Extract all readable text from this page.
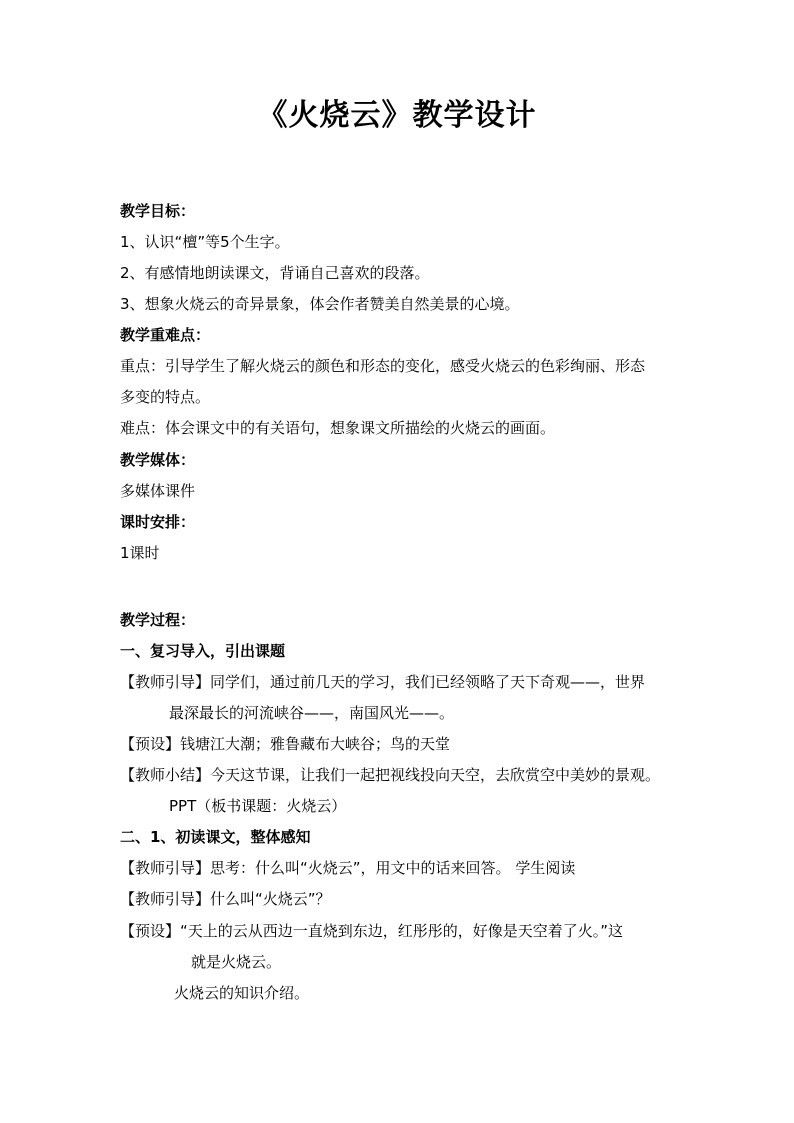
《火烧云》教学设计
教学目标：
1、认识“檀”等5个生字。
2、有感情地朗读课文，背诵自己喜欢的段落。
3、想象火烧云的奇异景象，体会作者赞美自然美景的心境。
教学重难点：
重点：引导学生了解火烧云的颜色和形态的变化，感受火烧云的色彩绚丽、形态
多变的特点。
难点：体会课文中的有关语句，想象课文所描绘的火烧云的画面。
教学媒体：
多媒体课件
课时安排：
1课时
教学过程：
一、复习导入，引出课题
【教师引导】同学们，通过前几天的学习，我们已经领略了天下奇观——，世界
最深最长的河流峡谷——，南国风光——。
【预设】钱塘江大潮；雅鲁藏布大峡谷；鸟的天堂
【教师小结】今天这节课，让我们一起把视线投向天空，去欣赏空中美妙的景观。
PPT（板书课题：火烧云）
二、1、初读课文，整体感知
【教师引导】思考：什么叫“火烧云”，用文中的话来回答。 学生阅读
【教师引导】什么叫“火烧云”？
【预设】“天上的云从西边一直烧到东边，红彤彤的，好像是天空着了火。”这
就是火烧云。
火烧云的知识介绍。
